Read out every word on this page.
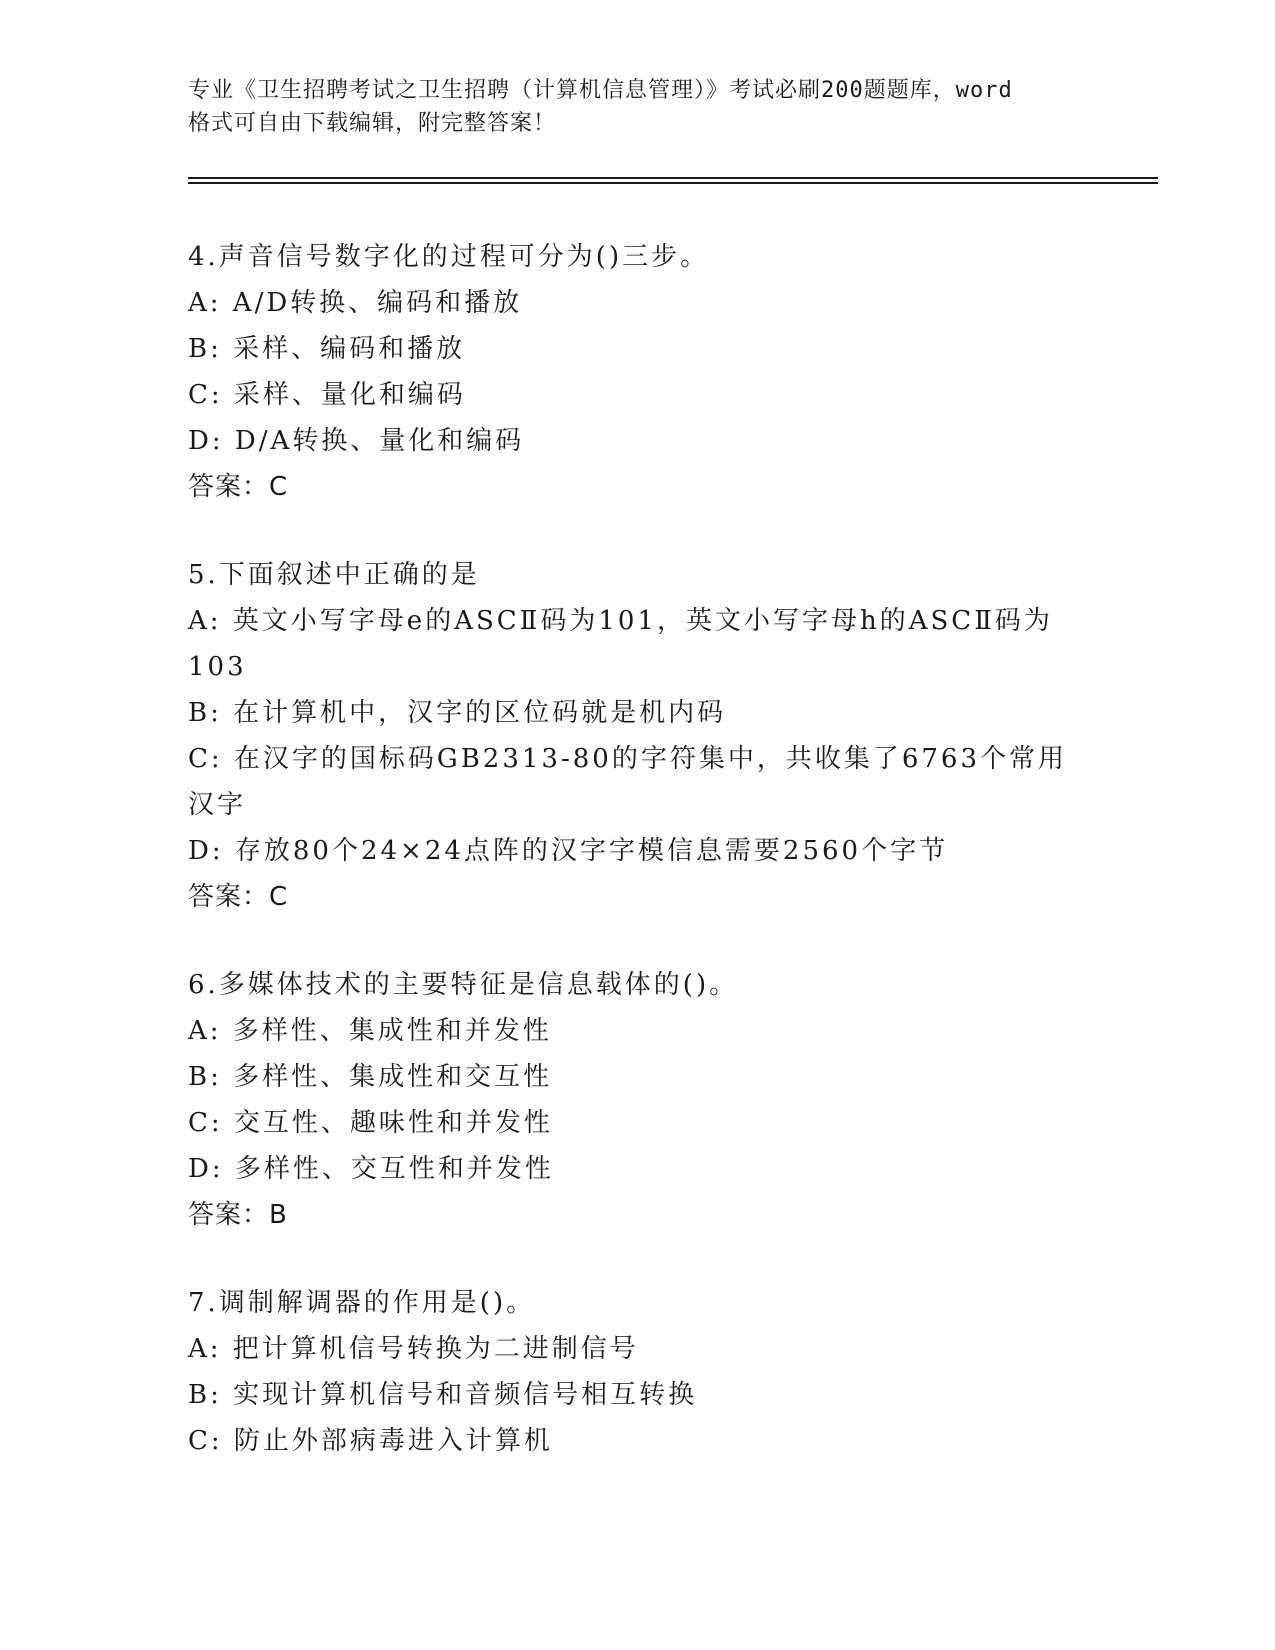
专业《卫生招聘考试之卫生招聘（计算机信息管理）》考试必刷200题题库，word
格式可自由下载编辑，附完整答案！
4.声音信号数字化的过程可分为()三步。
A: A/D转换、编码和播放
B: 采样、编码和播放
C: 采样、量化和编码
D: D/A转换、量化和编码
答案：C
5.下面叙述中正确的是
A: 英文小写字母e的ASCⅡ码为101，英文小写字母h的ASCⅡ码为103
B: 在计算机中，汉字的区位码就是机内码
C: 在汉字的国标码GB2313-80的字符集中，共收集了6763个常用汉字
D: 存放80个24×24点阵的汉字字模信息需要2560个字节
答案：C
6.多媒体技术的主要特征是信息载体的()。
A: 多样性、集成性和并发性
B: 多样性、集成性和交互性
C: 交互性、趣味性和并发性
D: 多样性、交互性和并发性
答案：B
7.调制解调器的作用是()。
A: 把计算机信号转换为二进制信号
B: 实现计算机信号和音频信号相互转换
C: 防止外部病毒进入计算机
